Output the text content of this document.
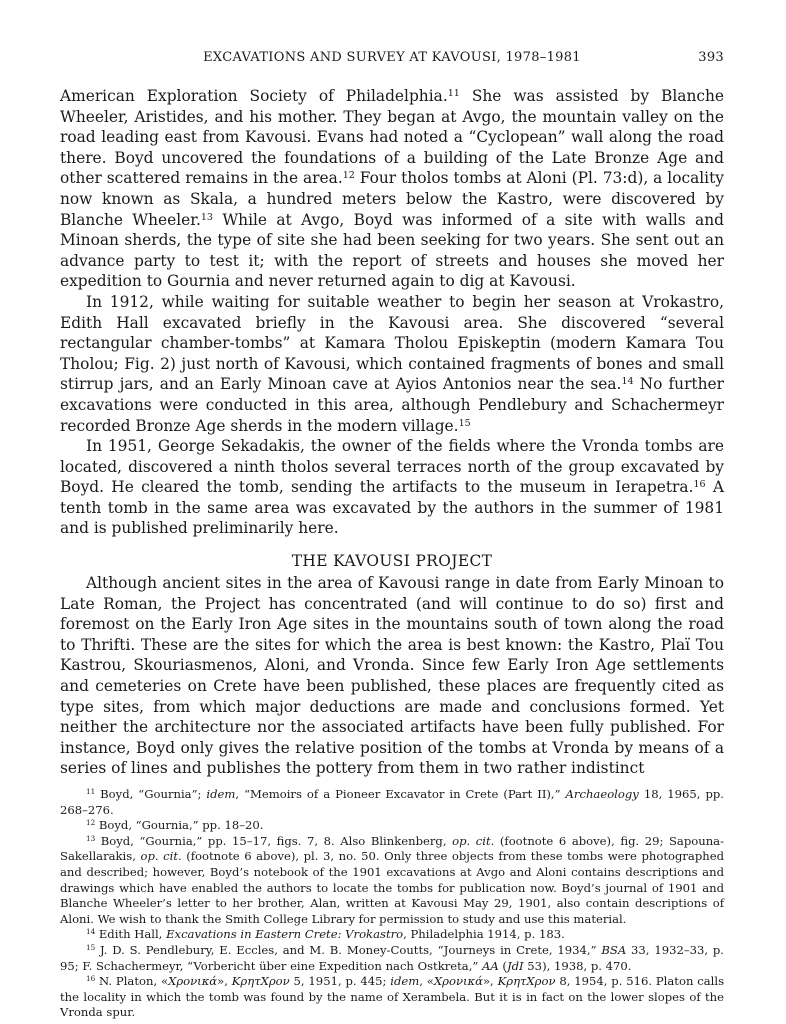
EXCAVATIONS AND SURVEY AT KAVOUSI, 1978–1981	393

American Exploration Society of Philadelphia.$^{11}$ She was assisted by Blanche Wheeler, Aristides, and his mother. They began at Avgo, the mountain valley on the road leading east from Kavousi. Evans had noted a “Cyclopean” wall along the road there. Boyd uncovered the foundations of a building of the Late Bronze Age and other scattered remains in the area.$^{12}$ Four tholos tombs at Aloni (Pl. 73:d), a locality now known as Skala, a hundred meters below the Kastro, were discovered by Blanche Wheeler.$^{13}$ While at Avgo, Boyd was informed of a site with walls and Minoan sherds, the type of site she had been seeking for two years. She sent out an advance party to test it; with the report of streets and houses she moved her expedition to Gournia and never returned again to dig at Kavousi.

In 1912, while waiting for suitable weather to begin her season at Vrokastro, Edith Hall excavated briefly in the Kavousi area. She discovered “several rectangular chamber-tombs” at Kamara Tholou Episkeptin (modern Kamara Tou Tholou; Fig. 2) just north of Kavousi, which contained fragments of bones and small stirrup jars, and an Early Minoan cave at Ayios Antonios near the sea.$^{14}$ No further excavations were conducted in this area, although Pendlebury and Schachermeyr recorded Bronze Age sherds in the modern village.$^{15}$

In 1951, George Sekadakis, the owner of the fields where the Vronda tombs are located, discovered a ninth tholos several terraces north of the group excavated by Boyd. He cleared the tomb, sending the artifacts to the museum in Ierapetra.$^{16}$ A tenth tomb in the same area was excavated by the authors in the summer of 1981 and is published preliminarily here.

THE KAVOUSI PROJECT

Although ancient sites in the area of Kavousi range in date from Early Minoan to Late Roman, the Project has concentrated (and will continue to do so) first and foremost on the Early Iron Age sites in the mountains south of town along the road to Thrifti. These are the sites for which the area is best known: the Kastro, Plaï Tou Kastrou, Skouriasmenos, Aloni, and Vronda. Since few Early Iron Age settlements and cemeteries on Crete have been published, these places are frequently cited as type sites, from which major deductions are made and conclusions formed. Yet neither the architecture nor the associated artifacts have been fully published. For instance, Boyd only gives the relative position of the tombs at Vronda by means of a series of lines and publishes the pottery from them in two rather indistinct

$^{11}$ Boyd, “Gournia”; idem, “Memoirs of a Pioneer Excavator in Crete (Part II),” Archaeology 18, 1965, pp. 268–276.

$^{12}$ Boyd, “Gournia,” pp. 18–20.

$^{13}$ Boyd, “Gournia,” pp. 15–17, figs. 7, 8. Also Blinkenberg, op. cit. (footnote 6 above), fig. 29; Sapouna-Sakellarakis, op. cit. (footnote 6 above), pl. 3, no. 50. Only three objects from these tombs were photographed and described; however, Boyd’s notebook of the 1901 excavations at Avgo and Aloni contains descriptions and drawings which have enabled the authors to locate the tombs for publication now. Boyd’s journal of 1901 and Blanche Wheeler’s letter to her brother, Alan, written at Kavousi May 29, 1901, also contain descriptions of Aloni. We wish to thank the Smith College Library for permission to study and use this material.

$^{14}$ Edith Hall, Excavations in Eastern Crete: Vrokastro, Philadelphia 1914, p. 183.

$^{15}$ J. D. S. Pendlebury, E. Eccles, and M. B. Money-Coutts, “Journeys in Crete, 1934,” BSA 33, 1932–33, p. 95; F. Schachermeyr, “Vorbericht über eine Expedition nach Ostkreta,” AA (JdI 53), 1938, p. 470.

$^{16}$ N. Platon, «Χρονικά», ΚρητΧρον 5, 1951, p. 445; idem, «Χρονικά», ΚρητΧρον 8, 1954, p. 516. Platon calls the locality in which the tomb was found by the name of Xerambela. But it is in fact on the lower slopes of the Vronda spur.
